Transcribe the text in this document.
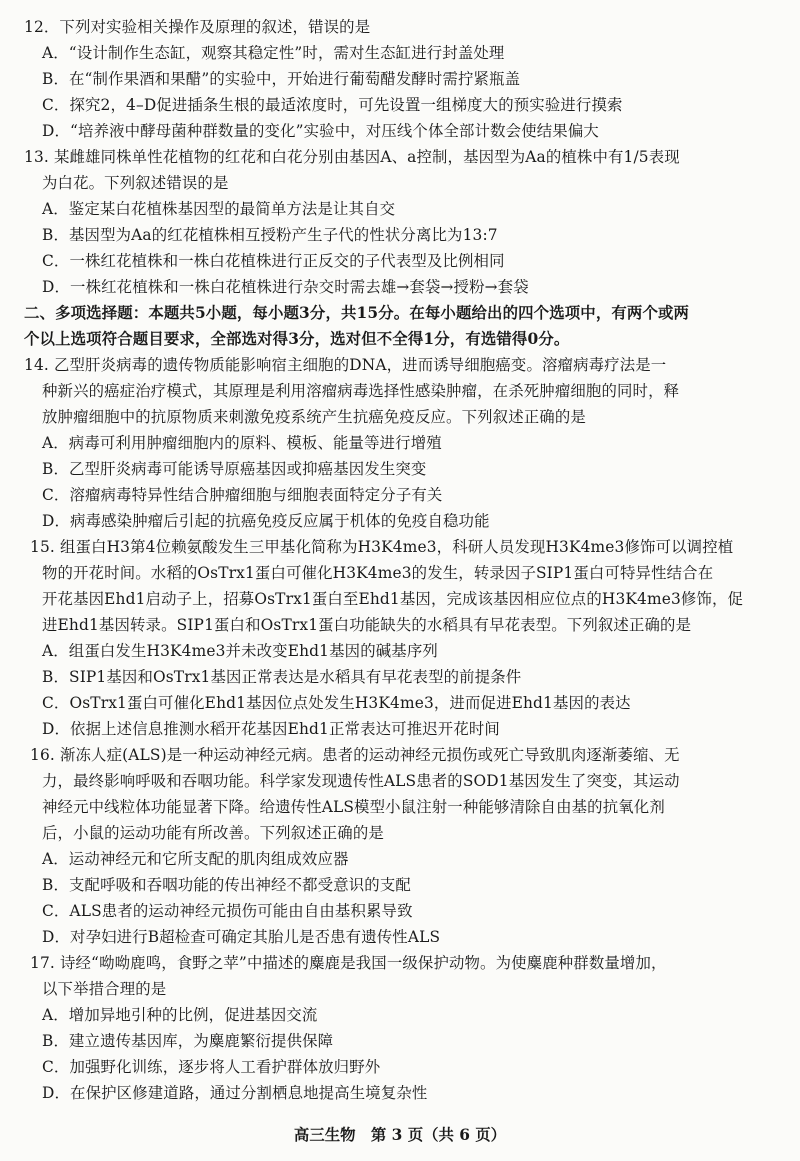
12．下列对实验相关操作及原理的叙述，错误的是
A．“设计制作生态缸，观察其稳定性”时，需对生态缸进行封盖处理
B．在“制作果酒和果醋”的实验中，开始进行葡萄醋发酵时需拧紧瓶盖
C．探究2，4–D促进插条生根的最适浓度时，可先设置一组梯度大的预实验进行摸索
D．“培养液中酵母菌种群数量的变化”实验中，对压线个体全部计数会使结果偏大
13. 某雌雄同株单性花植物的红花和白花分别由基因A、a控制，基因型为Aa的植株中有1/5表现
为白花。下列叙述错误的是
A．鉴定某白花植株基因型的最简单方法是让其自交
B．基因型为Aa的红花植株相互授粉产生子代的性状分离比为13:7
C．一株红花植株和一株白花植株进行正反交的子代表型及比例相同
D．一株红花植株和一株白花植株进行杂交时需去雄→套袋→授粉→套袋
二、多项选择题：本题共5小题，每小题3分，共15分。在每小题给出的四个选项中，有两个或两
个以上选项符合题目要求，全部选对得3分，选对但不全得1分，有选错得0分。
14. 乙型肝炎病毒的遗传物质能影响宿主细胞的DNA，进而诱导细胞癌变。溶瘤病毒疗法是一
种新兴的癌症治疗模式，其原理是利用溶瘤病毒选择性感染肿瘤，在杀死肿瘤细胞的同时，释
放肿瘤细胞中的抗原物质来刺激免疫系统产生抗癌免疫反应。下列叙述正确的是
A．病毒可利用肿瘤细胞内的原料、模板、能量等进行增殖
B．乙型肝炎病毒可能诱导原癌基因或抑癌基因发生突变
C．溶瘤病毒特异性结合肿瘤细胞与细胞表面特定分子有关
D．病毒感染肿瘤后引起的抗癌免疫反应属于机体的免疫自稳功能
15. 组蛋白H3第4位赖氨酸发生三甲基化简称为H3K4me3，科研人员发现H3K4me3修饰可以调控植
物的开花时间。水稻的OsTrx1蛋白可催化H3K4me3的发生，转录因子SIP1蛋白可特异性结合在
开花基因Ehd1启动子上，招募OsTrx1蛋白至Ehd1基因，完成该基因相应位点的H3K4me3修饰，促
进Ehd1基因转录。SIP1蛋白和OsTrx1蛋白功能缺失的水稻具有早花表型。下列叙述正确的是
A．组蛋白发生H3K4me3并未改变Ehd1基因的碱基序列
B．SIP1基因和OsTrx1基因正常表达是水稻具有早花表型的前提条件
C．OsTrx1蛋白可催化Ehd1基因位点处发生H3K4me3，进而促进Ehd1基因的表达
D．依据上述信息推测水稻开花基因Ehd1正常表达可推迟开花时间
16. 渐冻人症(ALS)是一种运动神经元病。患者的运动神经元损伤或死亡导致肌肉逐渐萎缩、无
力，最终影响呼吸和吞咽功能。科学家发现遗传性ALS患者的SOD1基因发生了突变，其运动
神经元中线粒体功能显著下降。给遗传性ALS模型小鼠注射一种能够清除自由基的抗氧化剂
后，小鼠的运动功能有所改善。下列叙述正确的是
A．运动神经元和它所支配的肌肉组成效应器
B．支配呼吸和吞咽功能的传出神经不都受意识的支配
C．ALS患者的运动神经元损伤可能由自由基积累导致
D．对孕妇进行B超检查可确定其胎儿是否患有遗传性ALS
17. 诗经“呦呦鹿鸣，食野之苹”中描述的麋鹿是我国一级保护动物。为使麋鹿种群数量增加，
以下举措合理的是
A．增加异地引种的比例，促进基因交流
B．建立遗传基因库，为麋鹿繁衍提供保障
C．加强野化训练，逐步将人工看护群体放归野外
D．在保护区修建道路，通过分割栖息地提高生境复杂性
高三生物　第 3 页（共 6 页）
